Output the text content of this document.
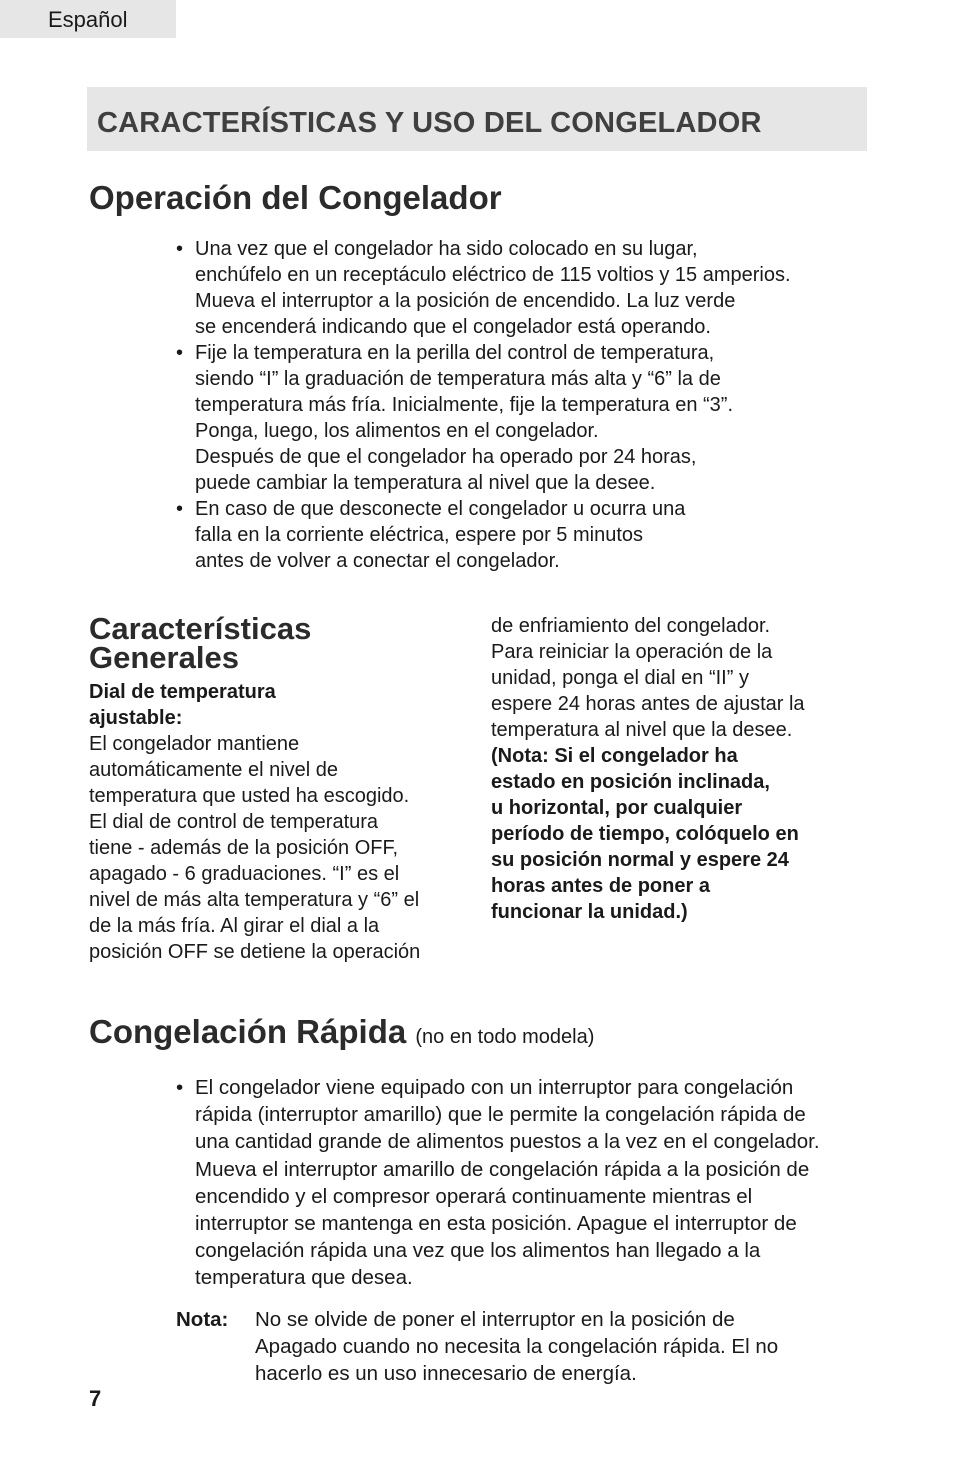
Español
CARACTERÍSTICAS Y USO DEL CONGELADOR
Operación del Congelador
• Una vez que el congelador ha sido colocado en su lugar,
enchúfelo en un receptáculo eléctrico de 115 voltios y 15 amperios.
Mueva el interruptor a la posición de encendido. La luz verde
se encenderá indicando que el congelador está operando.
• Fije la temperatura en la perilla del control de temperatura,
siendo “I” la graduación de temperatura más alta y “6” la de
temperatura más fría. Inicialmente, fije la temperatura en “3”.
Ponga, luego, los alimentos en el congelador.
Después de que el congelador ha operado por 24 horas,
puede cambiar la temperatura al nivel que la desee.
• En caso de que desconecte el congelador u ocurra una
falla en la corriente eléctrica, espere por 5 minutos
antes de volver a conectar el congelador.
Características
Generales
Dial de temperatura
ajustable:
El congelador mantiene
automáticamente el nivel de
temperatura que usted ha escogido.
El dial de control de temperatura
tiene - además de la posición OFF,
apagado - 6 graduaciones. “I” es el
nivel de más alta temperatura y “6” el
de la más fría. Al girar el dial a la
posición OFF se detiene la operación
de enfriamiento del congelador.
Para reiniciar la operación de la
unidad, ponga el dial en “II” y
espere 24 horas antes de ajustar la
temperatura al nivel que la desee.
(Nota: Si el congelador ha
estado en posición inclinada,
u horizontal, por cualquier
período de tiempo, colóquelo en
su posición normal y espere 24
horas antes de poner a
funcionar la unidad.)
Congelación Rápida (no en todo modela)
• El congelador viene equipado con un interruptor para congelación
rápida (interruptor amarillo) que le permite la congelación rápida de
una cantidad grande de alimentos puestos a la vez en el congelador.
Mueva el interruptor amarillo de congelación rápida a la posición de
encendido y el compresor operará continuamente mientras el
interruptor se mantenga en esta posición. Apague el interruptor de
congelación rápida una vez que los alimentos han llegado a la
temperatura que desea.
Nota: No se olvide de poner el interruptor en la posición de
Apagado cuando no necesita la congelación rápida. El no
hacerlo es un uso innecesario de energía.
7
